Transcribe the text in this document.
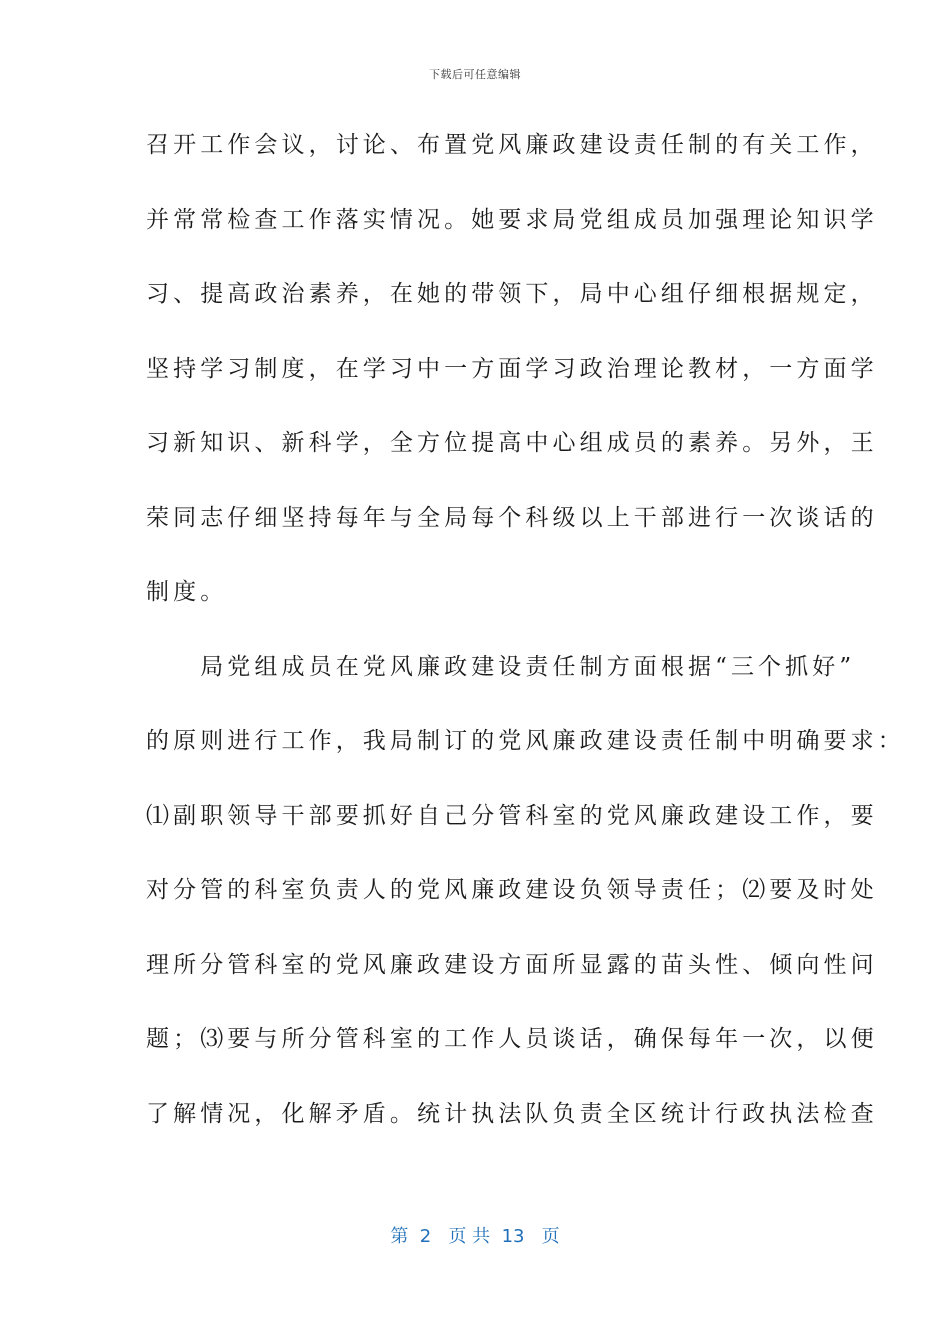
下载后可任意编辑
召开工作会议，讨论、布置党风廉政建设责任制的有关工作，
并常常检查工作落实情况。她要求局党组成员加强理论知识学
习、提高政治素养，在她的带领下，局中心组仔细根据规定，
坚持学习制度，在学习中一方面学习政治理论教材，一方面学
习新知识、新科学，全方位提高中心组成员的素养。另外，王
荣同志仔细坚持每年与全局每个科级以上干部进行一次谈话的
制度。
　　局党组成员在党风廉政建设责任制方面根据“三个抓好”
的原则进行工作，我局制订的党风廉政建设责任制中明确要求：
⑴副职领导干部要抓好自己分管科室的党风廉政建设工作，要
对分管的科室负责人的党风廉政建设负领导责任；⑵要及时处
理所分管科室的党风廉政建设方面所显露的苗头性、倾向性问
题；⑶要与所分管科室的工作人员谈话，确保每年一次，以便
了解情况，化解矛盾。统计执法队负责全区统计行政执法检查
第  2   页 共  13   页
